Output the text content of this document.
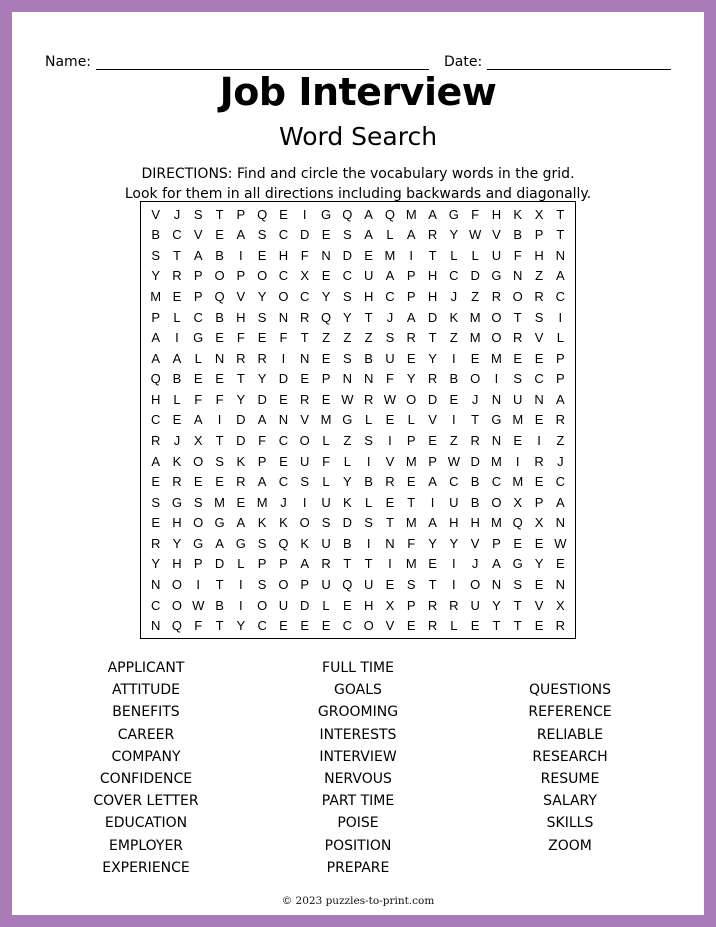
Name:	Date:
Job Interview
Word Search
DIRECTIONS: Find and circle the vocabulary words in the grid.
Look for them in all directions including backwards and diagonally.
V	J	S T P Q E	I	G Q A Q M A G F H K X T
B C V E A S C D E S A	L	A R Y W V B P T
S T A B	I	E H F N D E M	I	T	L	L	U F H N
Y R P O P O C X E C U A P H C D G N Z A
M E P Q V Y O C Y S H C P H	J	Z R O R C
P	L C B H S N R Q Y T	J	A D K M O T S	I
A	I	G E F E	F	T	Z	Z	Z	S R T	Z M O R V	L
A A	L N R R	I	N E S B U E Y	I	E M E E P
Q B E E T Y D E P N N F Y R B O	I	S C P
H L	F	F Y D E R E W R W O D E	J	N U N A
C E A	I	D A N V M G L	E	L	V	I	T G M E R
R	J	X T D F C O L	Z S	I	P E Z R N E	I	Z
A K O S K P E U F	L	I	V M P W D M	I	R	J
E R E E R A C S	L	Y B R E A C B C M E C
S G S M E M J	I	U K	L	E T	I	U B O X P A
E H O G A K K O S D S	T M A H H M Q X N
R Y G A G S Q K U B	I	N F Y Y V P E E W
Y H P D L	P P A R T	T	I	M E	I	J	A G Y E
N O	I	T	I	S O P U Q U E S T	I	O N S E N
C O W B	I	O U D L	E H X P R R U Y T V X
N Q F	T Y C E E E C O V E R L	E	T	T E R
APPLICANT
ATTITUDE
BENEFITS
CAREER
COMPANY
CONFIDENCE
COVER LETTER
EDUCATION
EMPLOYER
EXPERIENCE
FULL TIME
GOALS
GROOMING
INTERESTS
INTERVIEW
NERVOUS
PART TIME
POISE
POSITION
PREPARE
QUESTIONS
REFERENCE
RELIABLE
RESEARCH
RESUME
SALARY
SKILLS
ZOOM
© 2023 puzzles-to-print.com
